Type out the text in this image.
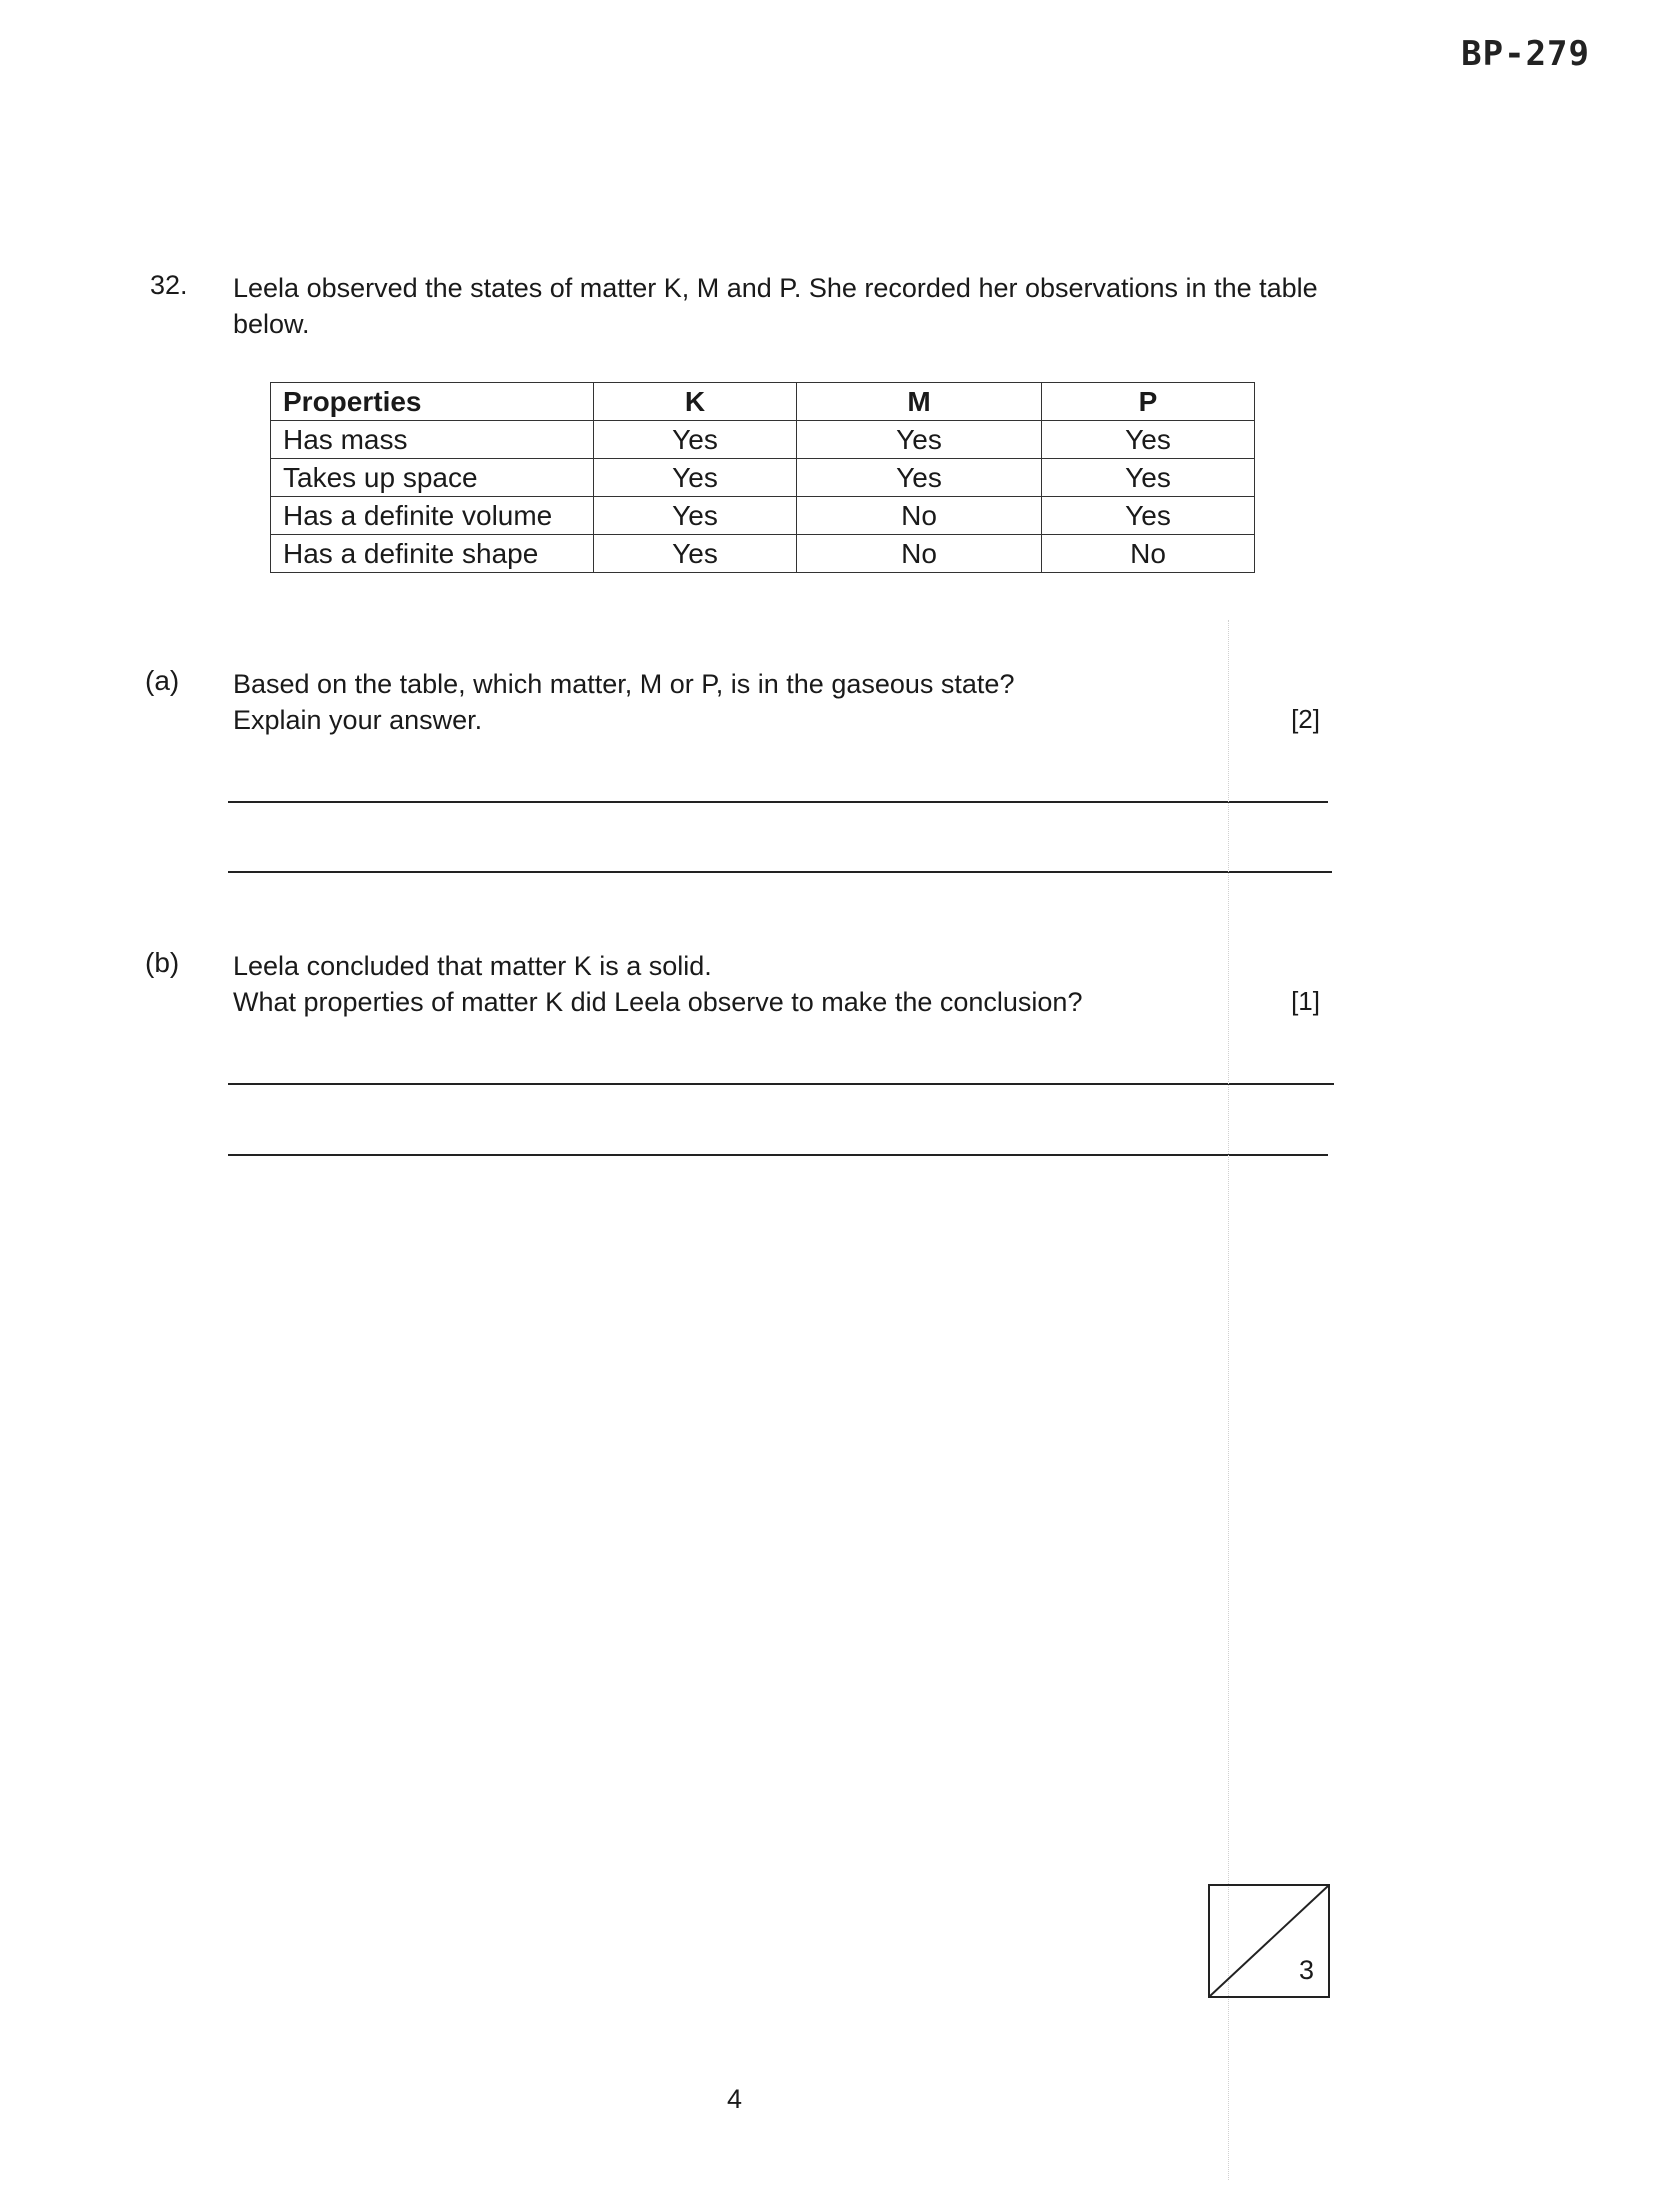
BP-279
32. Leela observed the states of matter K, M and P. She recorded her observations in the table below.
Properties	K	M	P
Has mass	Yes	Yes	Yes
Takes up space	Yes	Yes	Yes
Has a definite volume	Yes	No	Yes
Has a definite shape	Yes	No	No
(a) Based on the table, which matter, M or P, is in the gaseous state?
Explain your answer.	[2]
(b) Leela concluded that matter K is a solid.
What properties of matter K did Leela observe to make the conclusion?	[1]
3
4
